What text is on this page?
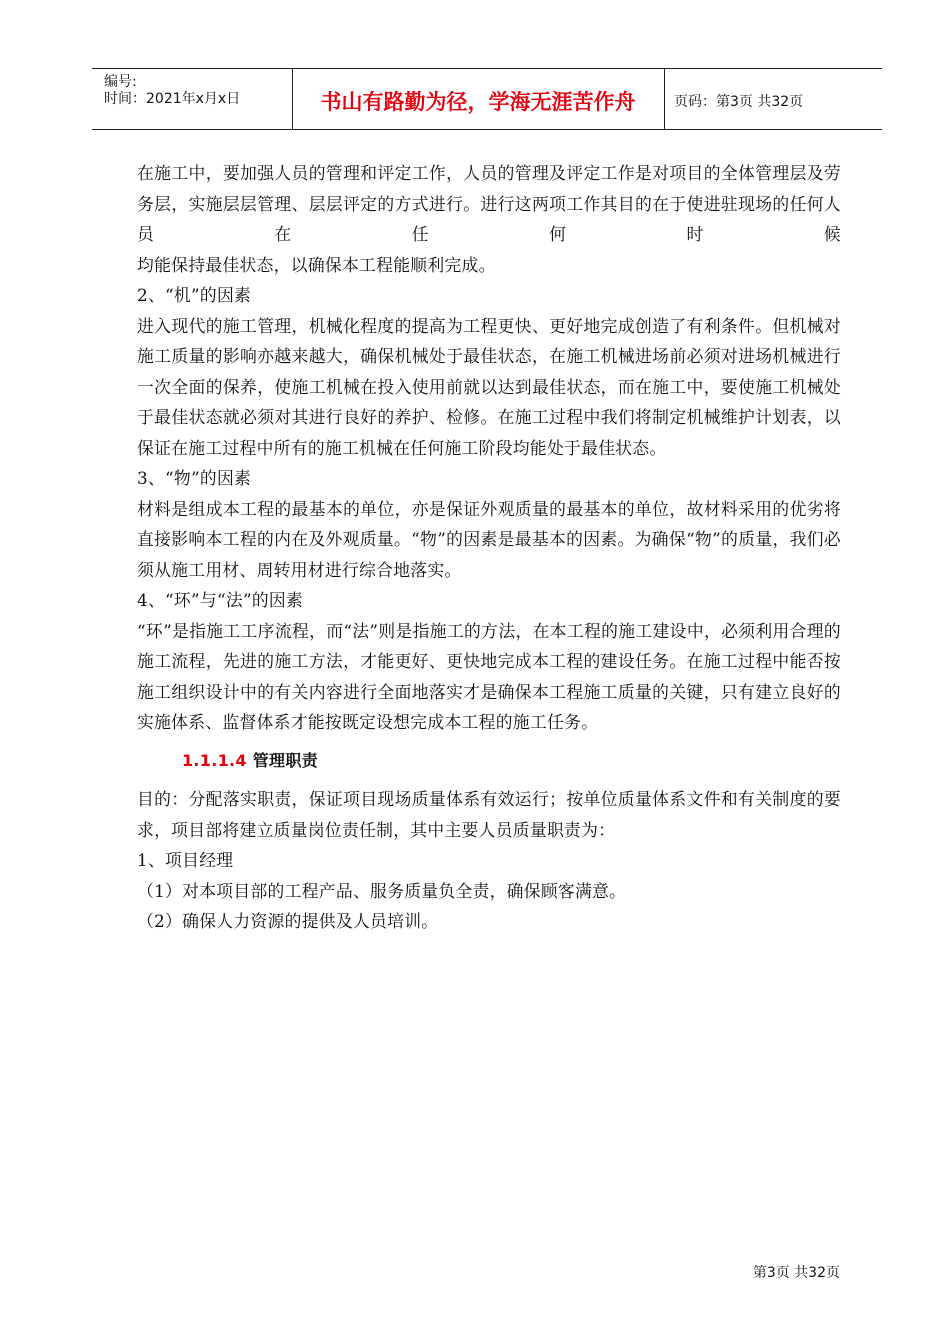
编号:
时间：2021年x月x日	书山有路勤为径，学海无涯苦作舟	页码：第3页 共32页

在施工中，要加强人员的管理和评定工作，人员的管理及评定工作是对项目的全体管理层及劳务层，实施层层管理、层层评定的方式进行。进行这两项工作其目的在于使进驻现场的任何人员在任何时候

均能保持最佳状态，以确保本工程能顺利完成。

2、“机”的因素

进入现代的施工管理，机械化程度的提高为工程更快、更好地完成创造了有利条件。但机械对施工质量的影响亦越来越大，确保机械处于最佳状态，在施工机械进场前必须对进场机械进行一次全面的保养，使施工机械在投入使用前就以达到最佳状态，而在施工中，要使施工机械处于最佳状态就必须对其进行良好的养护、检修。在施工过程中我们将制定机械维护计划表，以保证在施工过程中所有的施工机械在任何施工阶段均能处于最佳状态。

3、“物”的因素

材料是组成本工程的最基本的单位，亦是保证外观质量的最基本的单位，故材料采用的优劣将直接影响本工程的内在及外观质量。“物”的因素是最基本的因素。为确保“物”的质量，我们必须从施工用材、周转用材进行综合地落实。

4、“环”与“法”的因素

“环”是指施工工序流程，而“法”则是指施工的方法，在本工程的施工建设中，必须利用合理的施工流程，先进的施工方法，才能更好、更快地完成本工程的建设任务。在施工过程中能否按施工组织设计中的有关内容进行全面地落实才是确保本工程施工质量的关键，只有建立良好的实施体系、监督体系才能按既定设想完成本工程的施工任务。

1.1.1.4 管理职责

目的：分配落实职责，保证项目现场质量体系有效运行；按单位质量体系文件和有关制度的要求，项目部将建立质量岗位责任制，其中主要人员质量职责为：

1、项目经理

（1）对本项目部的工程产品、服务质量负全责，确保顾客满意。

（2）确保人力资源的提供及人员培训。

第3页 共32页
